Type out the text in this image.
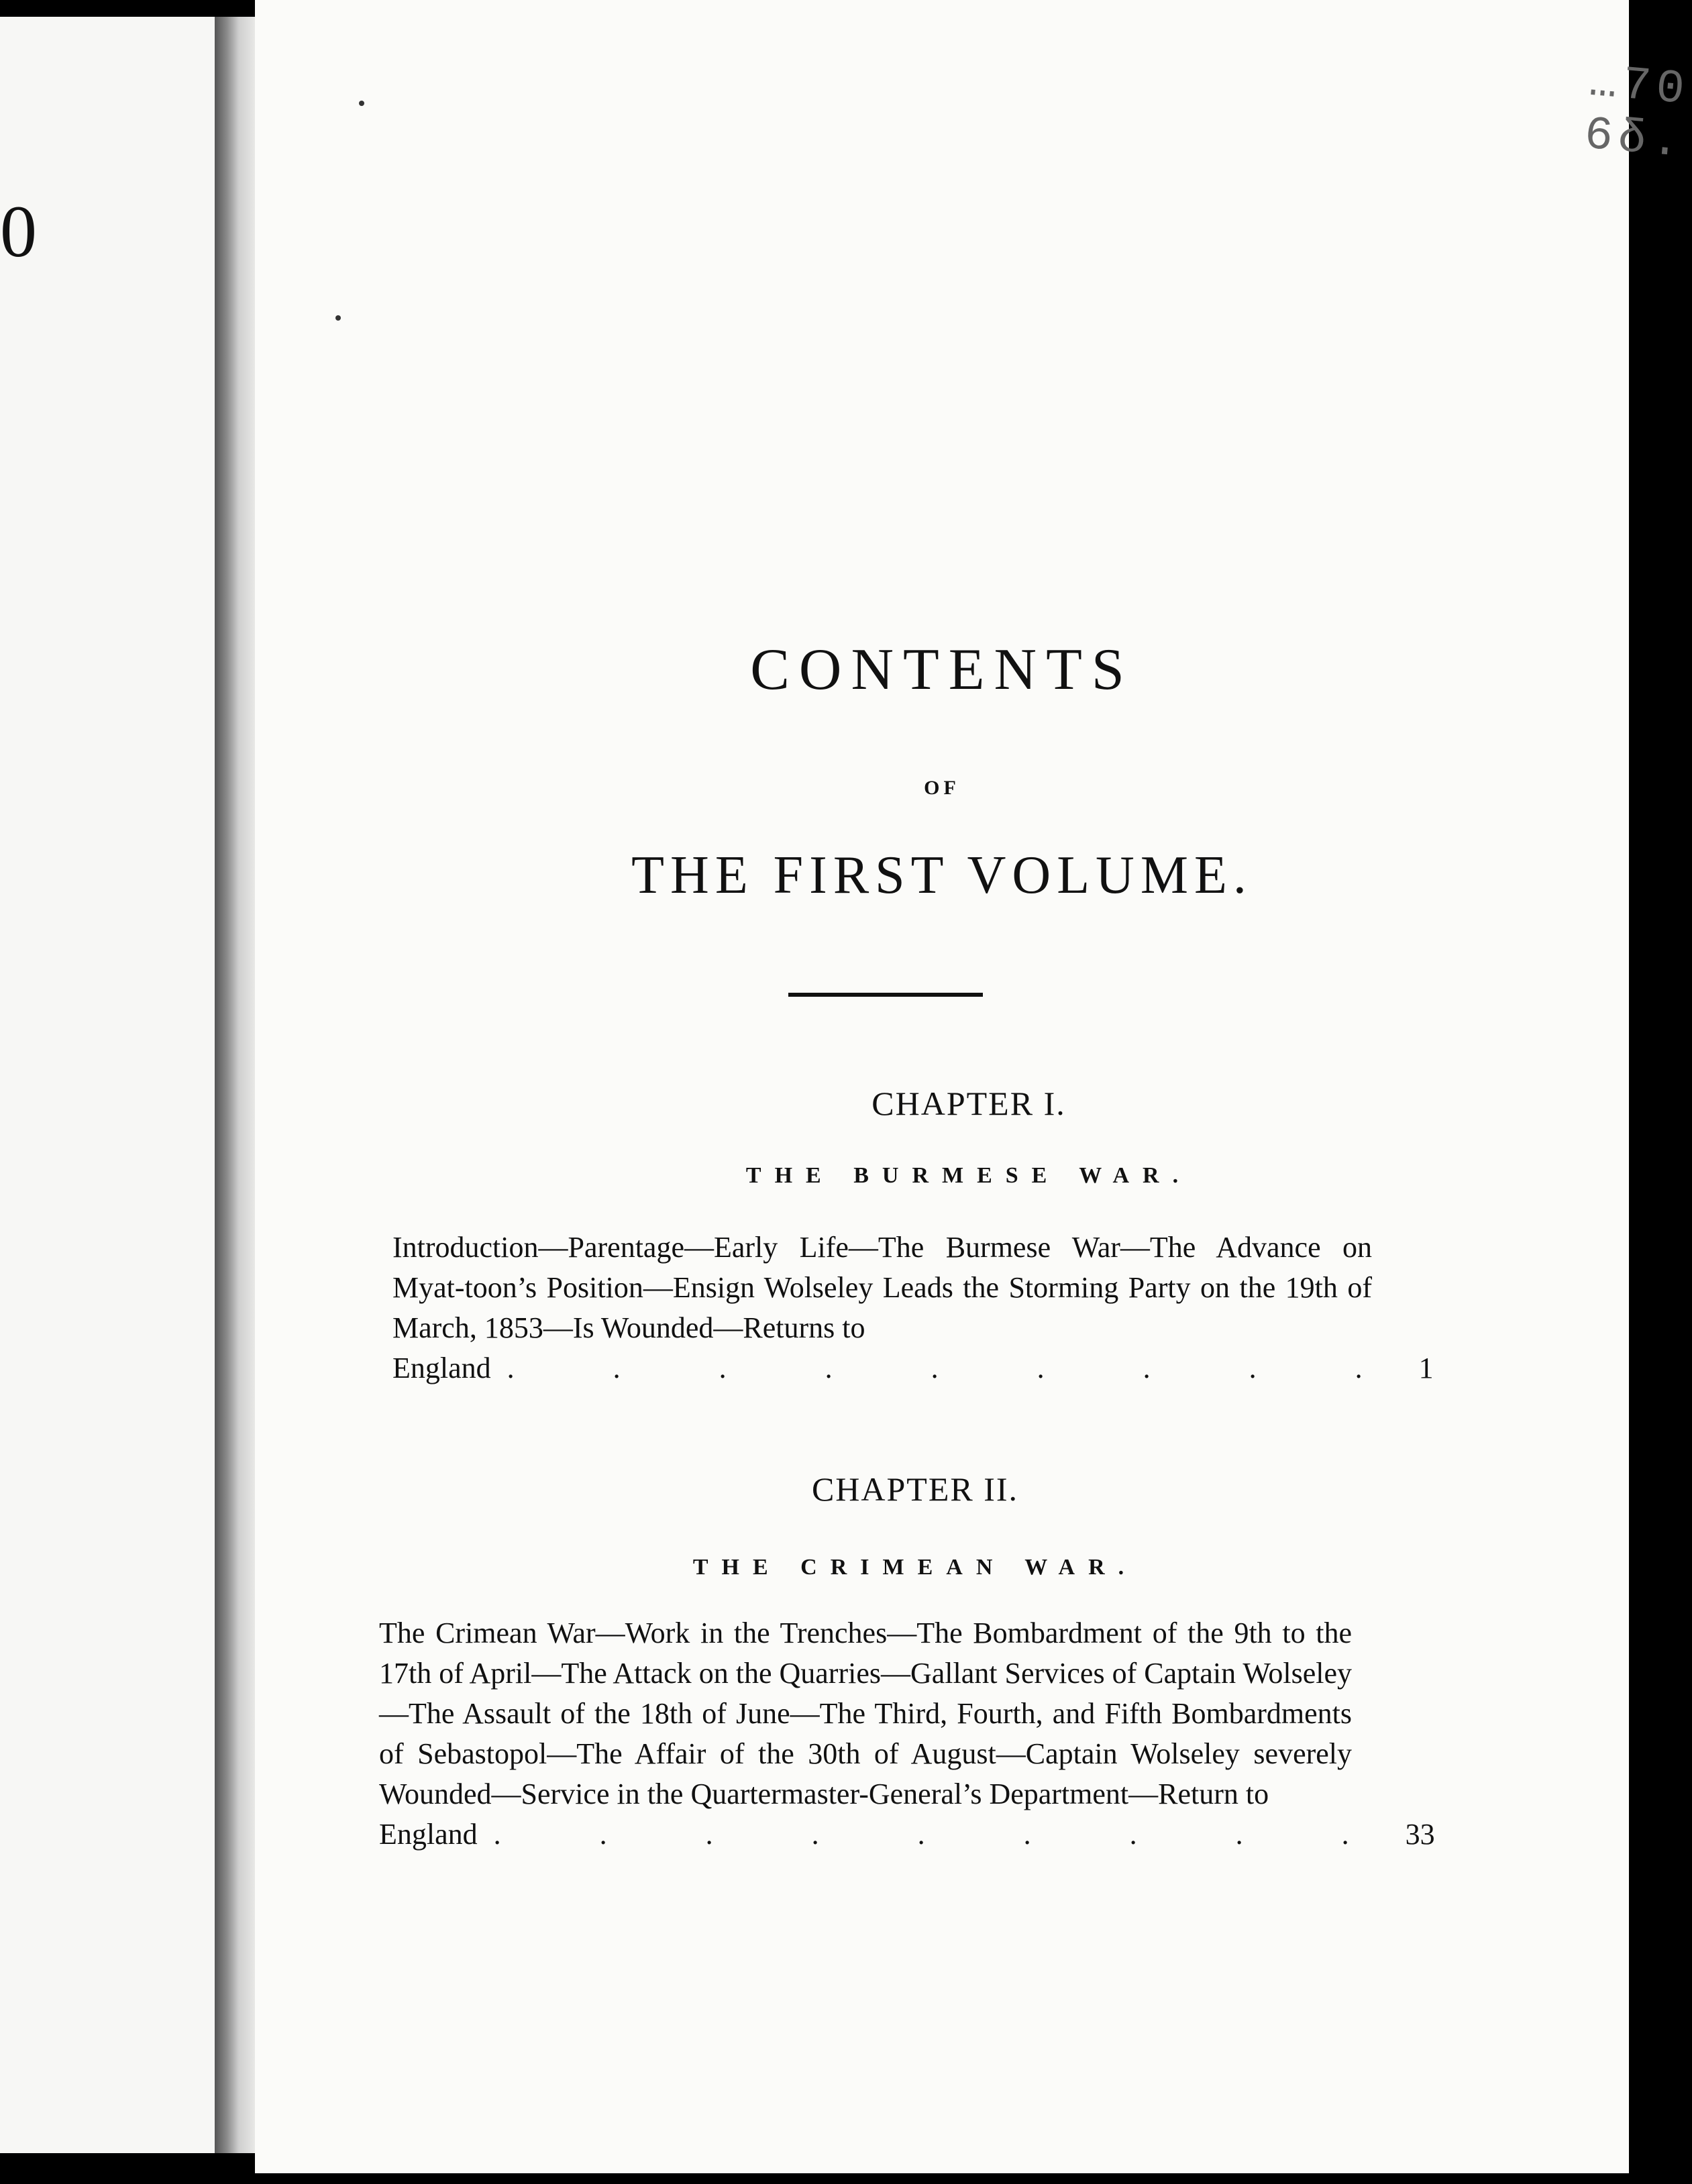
0
…70 6δ.
CONTENTS
OF
THE FIRST VOLUME.
CHAPTER I.
THE BURMESE WAR.
Introduction—Parentage—Early Life—The Burmese War—The Advance on Myat-toon’s Position—Ensign Wolseley Leads the Storming Party on the 19th of March, 1853—Is Wounded—Returns to
England . . . . . . . . . 1
CHAPTER II.
THE CRIMEAN WAR.
The Crimean War—Work in the Trenches—The Bombardment of the 9th to the 17th of April—The Attack on the Quarries—Gallant Services of Captain Wolseley—The Assault of the 18th of June—The Third, Fourth, and Fifth Bombardments of Sebastopol—The Affair of the 30th of August—Captain Wolseley severely Wounded—Service in the Quartermaster-General’s Department—Return to
England . . . . . . . . . 33
